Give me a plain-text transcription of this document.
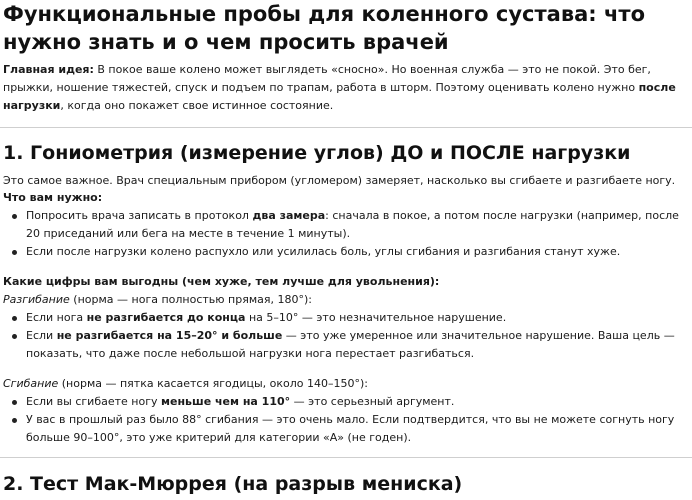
Функциональные пробы для коленного сустава: что нужно знать и о чем просить врачей

Главная идея: В покое ваше колено может выглядеть «сносно». Но военная служба — это не покой. Это бег, прыжки, ношение тяжестей, спуск и подъем по трапам, работа в шторм. Поэтому оценивать колено нужно после нагрузки, когда оно покажет свое истинное состояние.

1. Гониометрия (измерение углов) ДО и ПОСЛЕ нагрузки

Это самое важное. Врач специальным прибором (угломером) замеряет, насколько вы сгибаете и разгибаете ногу.

Что вам нужно:

Попросить врача записать в протокол два замера: сначала в покое, а потом после нагрузки (например, после 20 приседаний или бега на месте в течение 1 минуты).
Если после нагрузки колено распухло или усилилась боль, углы сгибания и разгибания станут хуже.

Какие цифры вам выгодны (чем хуже, тем лучше для увольнения):

Разгибание (норма — нога полностью прямая, 180°):

Если нога не разгибается до конца на 5–10° — это незначительное нарушение.
Если не разгибается на 15–20° и больше — это уже умеренное или значительное нарушение. Ваша цель — показать, что даже после небольшой нагрузки нога перестает разгибаться.

Сгибание (норма — пятка касается ягодицы, около 140–150°):

Если вы сгибаете ногу меньше чем на 110° — это серьезный аргумент.
У вас в прошлый раз было 88° сгибания — это очень мало. Если подтвердится, что вы не можете согнуть ногу больше 90–100°, это уже критерий для категории «А» (не годен).
2. Тест Мак-Мюррея (на разрыв мениска)
